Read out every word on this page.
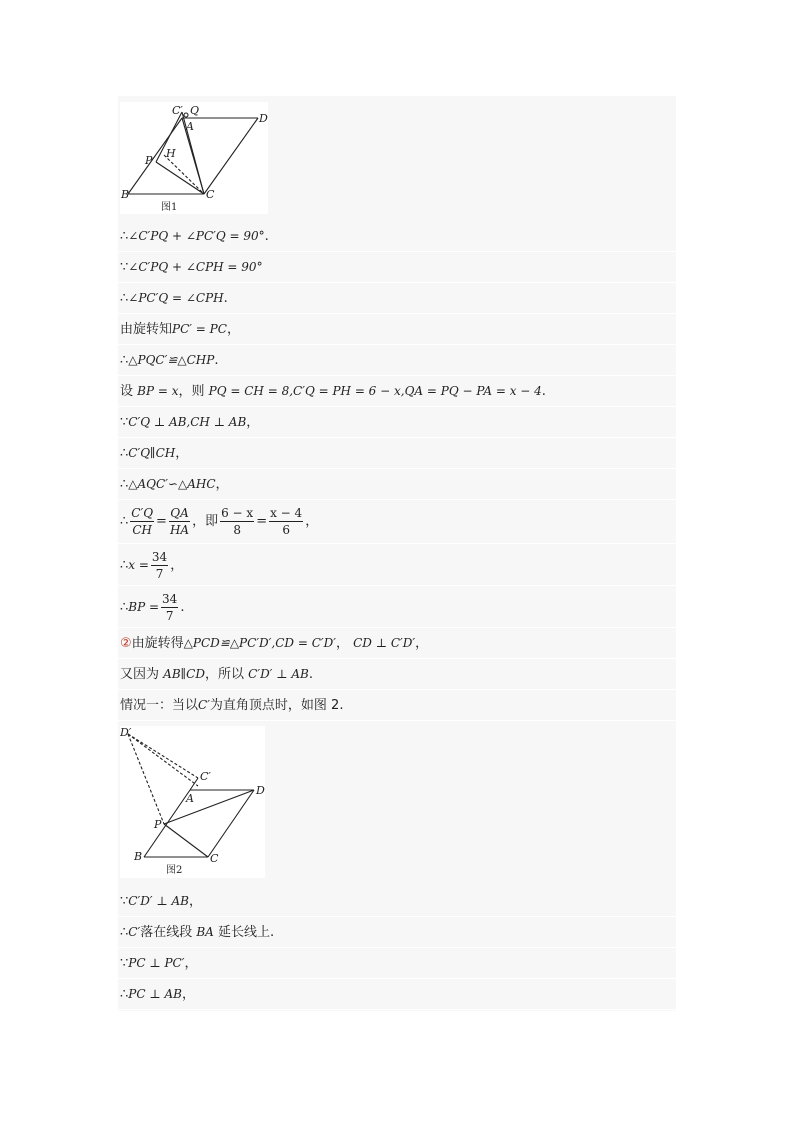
C′ Q
A
D
P
H
B	C
图1
∴∠C′PQ + ∠PC′Q = 90°.
∵∠C′PQ + ∠CPH = 90°
∴∠PC′Q = ∠CPH.
由旋转知PC′ = PC，
∴△PQC′≌△CHP.
设 BP = x，则 PQ = CH = 8,C′Q = PH = 6 − x,QA = PQ − PA = x − 4.
∵C′Q ⊥ AB,CH ⊥ AB，
∴C′Q∥CH，
∴△AQC′∽△AHC，
∴ $\frac{C'Q}{CH} = \frac{QA}{HA}$ ，即 $\frac{6 - x}{8} = \frac{x - 4}{6}$ ，
∴x = $\frac{34}{7}$ ，
∴BP = $\frac{34}{7}$ .
②由旋转得△PCD≌△PC′D′,CD = C′D′， CD ⊥ C′D′，
又因为 AB∥CD，所以 C′D′ ⊥ AB.
情况一：当以C′为直角顶点时，如图 2.
D′
C′
A
D
P
B	C
图2
∵C′D′ ⊥ AB，
∴C′落在线段 BA 延长线上.
∵PC ⊥ PC′，
∴PC ⊥ AB，
